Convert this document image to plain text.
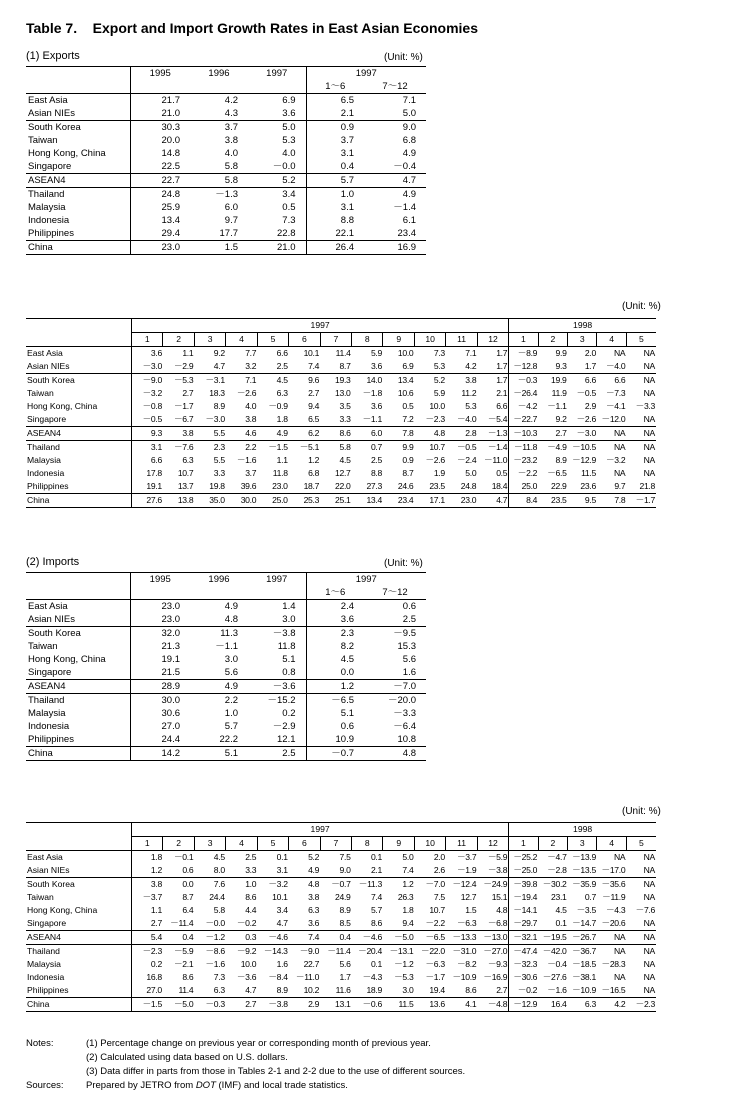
Table 7.    Export and Import Growth Rates in East Asian Economies
(1) Exports	(Unit: %)
	1995	1996	1997	1997	
				1～6	7～12
East Asia	21.7	4.2	6.9	6.5	7.1
Asian NIEs	21.0	4.3	3.6	2.1	5.0
South Korea	30.3	3.7	5.0	0.9	9.0
Taiwan	20.0	3.8	5.3	3.7	6.8
Hong Kong, China	14.8	4.0	4.0	3.1	4.9
Singapore	22.5	5.8	－0.0	0.4	－0.4
ASEAN4	22.7	5.8	5.2	5.7	4.7
Thailand	24.8	－1.3	3.4	1.0	4.9
Malaysia	25.9	6.0	0.5	3.1	－1.4
Indonesia	13.4	9.7	7.3	8.8	6.1
Philippines	29.4	17.7	22.8	22.1	23.4
China	23.0	1.5	21.0	26.4	16.9
(Unit: %)
	1997												1998				
	1	2	3	4	5	6	7	8	9	10	11	12	1	2	3	4	5
East Asia	3.6	1.1	9.2	7.7	6.6	10.1	11.4	5.9	10.0	7.3	7.1	1.7	－8.9	9.9	2.0	NA	NA
Asian NIEs	－3.0	－2.9	4.7	3.2	2.5	7.4	8.7	3.6	6.9	5.3	4.2	1.7	－12.8	9.3	1.7	－4.0	NA
South Korea	－9.0	－5.3	－3.1	7.1	4.5	9.6	19.3	14.0	13.4	5.2	3.8	1.7	－0.3	19.9	6.6	6.6	NA
Taiwan	－3.2	2.7	18.3	－2.6	6.3	2.7	13.0	－1.8	10.6	5.9	11.2	2.1	－26.4	11.9	－0.5	－7.3	NA
Hong Kong, China	－0.8	－1.7	8.9	4.0	－0.9	9.4	3.5	3.6	0.5	10.0	5.3	6.6	－4.2	－1.1	2.9	－4.1	－3.3
Singapore	－0.5	－6.7	－3.0	3.8	1.8	6.5	3.3	－1.1	7.2	－2.3	－4.0	－5.4	－22.7	9.2	－2.6	－12.0	NA
ASEAN4	9.3	3.8	5.5	4.6	4.9	6.2	8.6	6.0	7.8	4.8	2.8	－1.3	－10.3	2.7	－3.0	NA	NA
Thailand	3.1	－7.6	2.3	2.2	－1.5	－5.1	5.8	0.7	9.9	10.7	－0.5	－1.4	－11.8	－4.9	－10.5	NA	NA
Malaysia	6.6	6.3	5.5	－1.6	1.1	1.2	4.5	2.5	0.9	－2.6	－2.4	－11.0	－23.2	8.9	－12.9	－3.2	NA
Indonesia	17.8	10.7	3.3	3.7	11.8	6.8	12.7	8.8	8.7	1.9	5.0	0.5	－2.2	－6.5	11.5	NA	NA
Philippines	19.1	13.7	19.8	39.6	23.0	18.7	22.0	27.3	24.6	23.5	24.8	18.4	25.0	22.9	23.6	9.7	21.8
China	27.6	13.8	35.0	30.0	25.0	25.3	25.1	13.4	23.4	17.1	23.0	4.7	8.4	23.5	9.5	7.8	－1.7
(2) Imports	(Unit: %)
	1995	1996	1997	1997	
				1～6	7～12
East Asia	23.0	4.9	1.4	2.4	0.6
Asian NIEs	23.0	4.8	3.0	3.6	2.5
South Korea	32.0	11.3	－3.8	2.3	－9.5
Taiwan	21.3	－1.1	11.8	8.2	15.3
Hong Kong, China	19.1	3.0	5.1	4.5	5.6
Singapore	21.5	5.6	0.8	0.0	1.6
ASEAN4	28.9	4.9	－3.6	1.2	－7.0
Thailand	30.0	2.2	－15.2	－6.5	－20.0
Malaysia	30.6	1.0	0.2	5.1	－3.3
Indonesia	27.0	5.7	－2.9	0.6	－6.4
Philippines	24.4	22.2	12.1	10.9	10.8
China	14.2	5.1	2.5	－0.7	4.8
(Unit: %)
	1997												1998				
	1	2	3	4	5	6	7	8	9	10	11	12	1	2	3	4	5
East Asia	1.8	－0.1	4.5	2.5	0.1	5.2	7.5	0.1	5.0	2.0	－3.7	－5.9	－25.2	－4.7	－13.9	NA	NA
Asian NIEs	1.2	0.6	8.0	3.3	3.1	4.9	9.0	2.1	7.4	2.6	－1.9	－3.8	－25.0	－2.8	－13.5	－17.0	NA
South Korea	3.8	0.0	7.6	1.0	－3.2	4.8	－0.7	－11.3	1.2	－7.0	－12.4	－24.9	－39.8	－30.2	－35.9	－35.6	NA
Taiwan	－3.7	8.7	24.4	8.6	10.1	3.8	24.9	7.4	26.3	7.5	12.7	15.1	－19.4	23.1	0.7	－11.9	NA
Hong Kong, China	1.1	6.4	5.8	4.4	3.4	6.3	8.9	5.7	1.8	10.7	1.5	4.8	－14.1	4.5	－3.5	－4.3	－7.6
Singapore	2.7	－11.4	－0.0	－0.2	4.7	3.6	8.5	8.6	9.4	－2.2	－6.3	－6.8	－29.7	0.1	－14.7	－20.6	NA
ASEAN4	5.4	0.4	－1.2	0.3	－4.6	7.4	0.4	－4.6	－5.0	－6.5	－13.3	－13.0	－32.1	－19.5	－26.7	NA	NA
Thailand	－2.3	－5.9	－8.6	－9.2	－14.3	－9.0	－11.4	－20.4	－13.1	－22.0	－31.0	－27.0	－47.4	－42.0	－36.7	NA	NA
Malaysia	0.2	－2.1	－1.6	10.0	1.6	22.7	5.6	0.1	－1.2	－6.3	－8.2	－9.3	－32.3	－0.4	－18.5	－28.3	NA
Indonesia	16.8	8.6	7.3	－3.6	－8.4	－11.0	1.7	－4.3	－5.3	－1.7	－10.9	－16.9	－30.6	－27.6	－38.1	NA	NA
Philippines	27.0	11.4	6.3	4.7	8.9	10.2	11.6	18.9	3.0	19.4	8.6	2.7	－0.2	－1.6	－10.9	－16.5	NA
China	－1.5	－5.0	－0.3	2.7	－3.8	2.9	13.1	－0.6	11.5	13.6	4.1	－4.8	－12.9	16.4	6.3	4.2	－2.3
Notes:	(1) Percentage change on previous year or corresponding month of previous year.
(2) Calculated using data based on U.S. dollars.
(3) Data differ in parts from those in Tables 2-1 and 2-2 due to the use of different sources.
Sources:	Prepared by JETRO from DOT (IMF) and local trade statistics.
